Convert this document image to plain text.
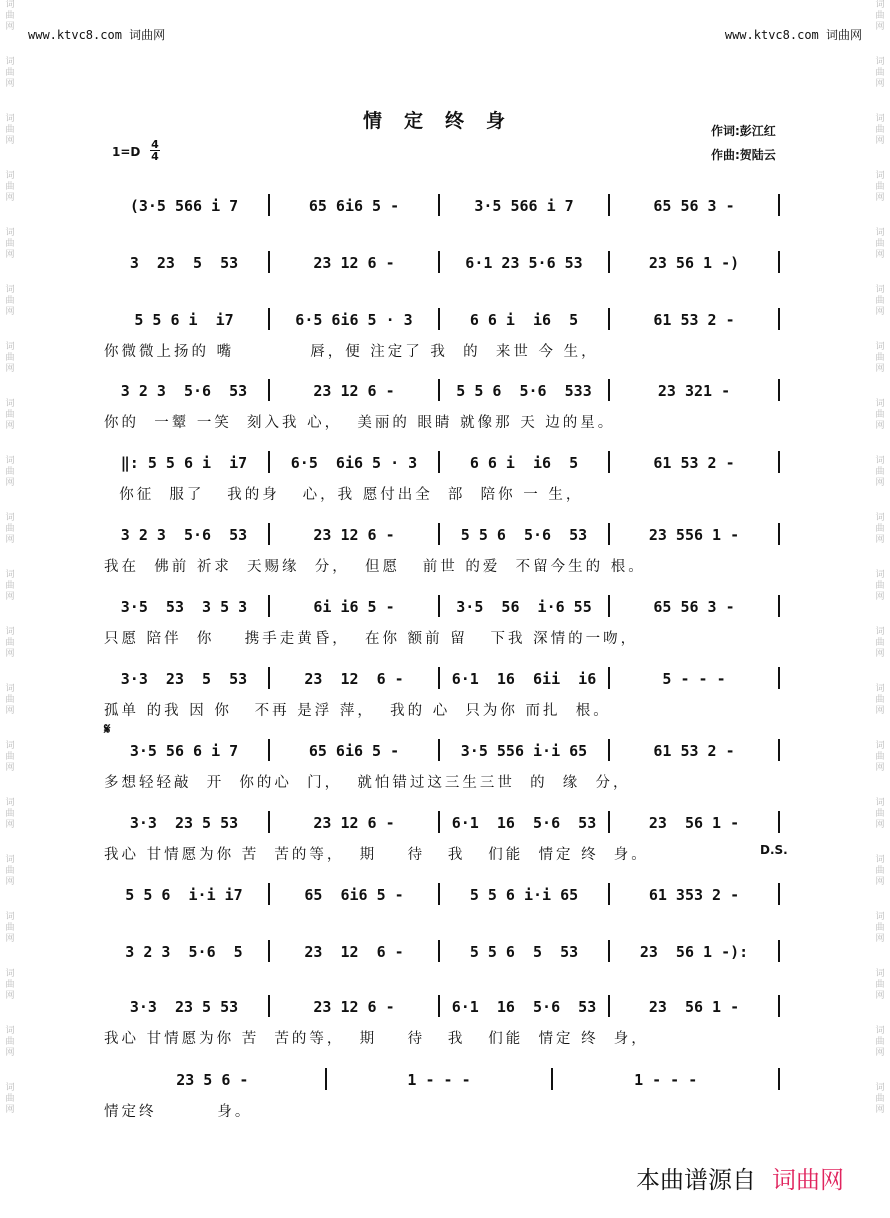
词曲网
词曲网
词曲网
词曲网
词曲网
词曲网
词曲网
词曲网
词曲网
词曲网
词曲网
词曲网
词曲网
词曲网
词曲网
词曲网
词曲网
词曲网
词曲网
词曲网
词曲网
词曲网
词曲网
词曲网
词曲网
词曲网
词曲网
词曲网
词曲网
词曲网
词曲网
词曲网
词曲网
词曲网
词曲网
词曲网
词曲网
词曲网
词曲网
词曲网
www.ktvc8.com 词曲网	www.ktvc8.com 词曲网
情定终身	作词:彭江红
作曲:贺陆云
1=D
4
4
(3·5 566 i 7	65 6i6 5 -	3·5 566 i 7	65 56 3 -
3  23  5  53	23 12 6 -	6·1 23 5·6 53	23 56 1 -)
5 5 6 i  i7	6·5 6i6 5 · 3	6 6 i  i6  5	61 53 2 -
你微微上扬的 嘴          唇，便 注定了 我  的  来世 今 生，
3 2 3  5·6  53	23 12 6 -	5 5 6  5·6  533	23 321 -
你的  一颦 一笑  刻入我 心，  美丽的 眼睛 就像那 天 边的星。
‖: 5 5 6 i  i7	6·5  6i6 5 · 3	6 6 i  i6  5	61 53 2 -
你征  服了   我的身   心，我 愿付出全  部  陪你 一 生，
3 2 3  5·6  53	23 12 6 -	5 5 6  5·6  53	23 556 1 -
我在  佛前 祈求  天赐缘  分，  但愿   前世 的爱  不留今生的 根。
3·5  53  3 5 3	6i i6 5 -	3·5  56  i·6 55	65 56 3 -
只愿 陪伴  你    携手走黄昏，  在你 额前 留   下我 深情的一吻，
3·3  23  5  53	23  12  6 -	6·1  16  6ii  i6	5 - - -
孤单 的我 因 你   不再 是浮 萍，  我的 心  只为你 而扎  根。
3·5 56 6 i 7	65 6i6 5 -	3·5 556 i·i 65	61 53 2 -
多想轻轻敲  开  你的心  门，  就怕错过这三生三世  的  缘  分，
3·3  23 5 53	23 12 6 -	6·1  16  5·6  53	23  56 1 -
我心 甘情愿为你 苦  苦的等，  期    待   我   们能  情定 终  身。
5 5 6  i·i i7	65  6i6 5 -	5 5 6 i·i 65	61 353 2 -
3 2 3  5·6  5	23  12  6 -	5 5 6  5  53	23  56 1 -):
3·3  23 5 53	23 12 6 -	6·1  16  5·6  53	23  56 1 -
我心 甘情愿为你 苦  苦的等，  期    待   我   们能  情定 终  身，
23 5 6 -	1 - - -	1 - - -
情定终        身。
𝄋
D.S.
本曲谱源自 词曲网
